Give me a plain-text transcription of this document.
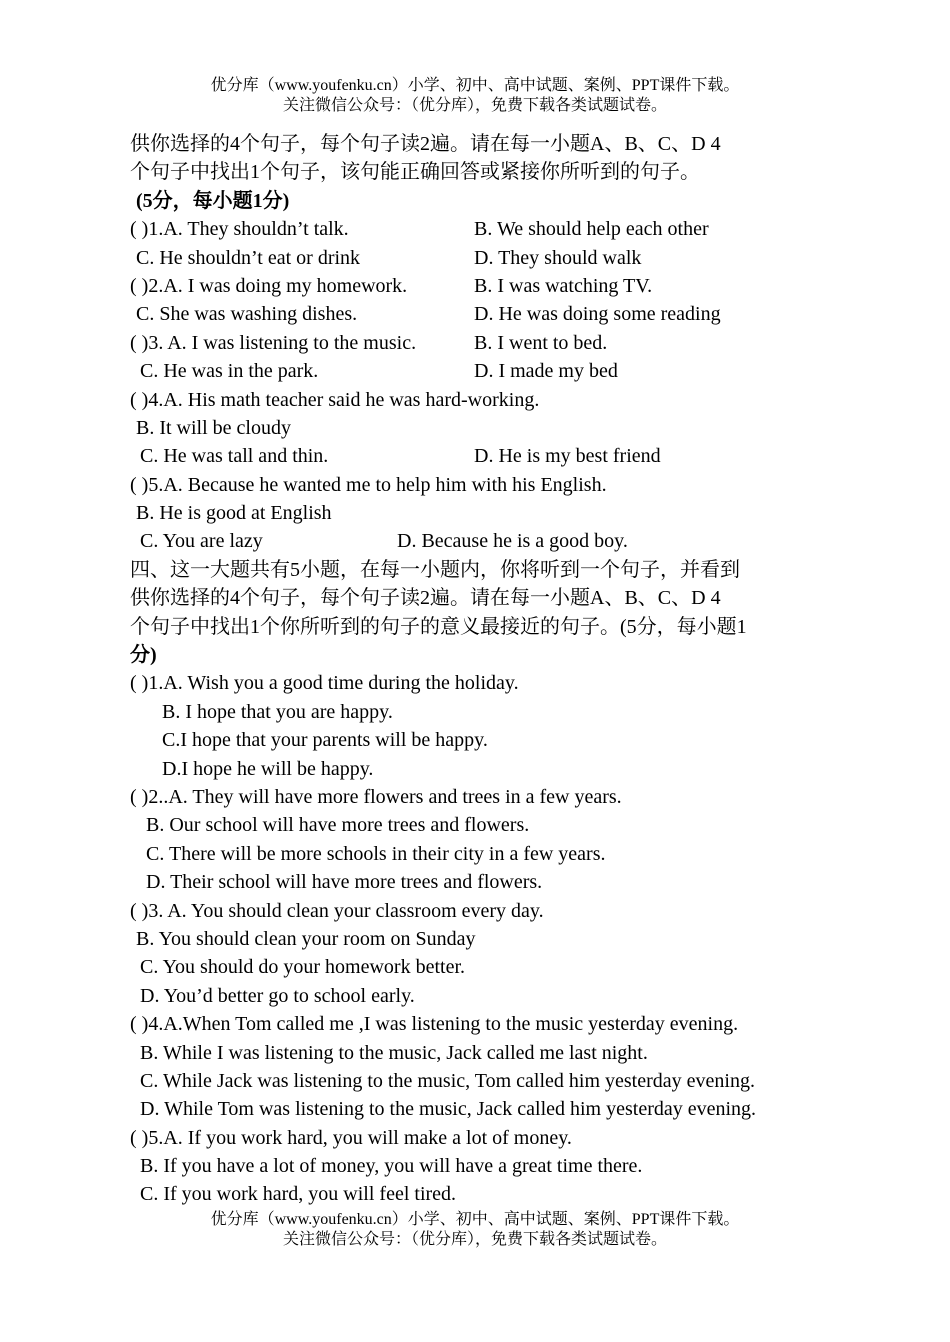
优分库（www.youfenku.cn）小学、初中、高中试题、案例、PPT课件下载。
关注微信公众号：（优分库），免费下载各类试题试卷。
供你选择的4个句子，每个句子读2遍。请在每一小题A、B、C、D 4
个句子中找出1个句子，该句能正确回答或紧接你所听到的句子。
(5分，每小题1分)
( )1.A. They shouldn’t talk.	B. We should help each other
C. He shouldn’t eat or drink	D. They should walk
( )2.A. I was doing my homework.	B. I was watching TV.
C. She was washing dishes.	D. He was doing some reading
( )3. A. I was listening to the music.	B. I went to bed.
C. He was in the park.	D. I made my bed
( )4.A. His math teacher said he was hard-working.
B. It will be cloudy
C. He was tall and thin.	D. He is my best friend
( )5.A. Because he wanted me to help him with his English.
B. He is good at English
C. You are lazy	D. Because he is a good boy.
四、这一大题共有5小题，在每一小题内，你将听到一个句子，并看到
供你选择的4个句子，每个句子读2遍。请在每一小题A、B、C、D 4
个句子中找出1个你所听到的句子的意义最接近的句子。(5分，每小题1
分)
( )1.A. Wish you a good time during the holiday.
B. I hope that you are happy.
C.I hope that your parents will be happy.
D.I hope he will be happy.
( )2..A. They will have more flowers and trees in a few years.
B. Our school will have more trees and flowers.
C. There will be more schools in their city in a few years.
D. Their school will have more trees and flowers.
( )3. A. You should clean your classroom every day.
B. You should clean your room on Sunday
C. You should do your homework better.
D. You’d better go to school early.
( )4.A.When Tom called me ,I was listening to the music yesterday evening.
B. While I was listening to the music, Jack called me last night.
C. While Jack was listening to the music, Tom called him yesterday evening.
D. While Tom was listening to the music, Jack called him yesterday evening.
( )5.A. If you work hard, you will make a lot of money.
B. If you have a lot of money, you will have a great time there.
C. If you work hard, you will feel tired.
优分库（www.youfenku.cn）小学、初中、高中试题、案例、PPT课件下载。
关注微信公众号：（优分库），免费下载各类试题试卷。
